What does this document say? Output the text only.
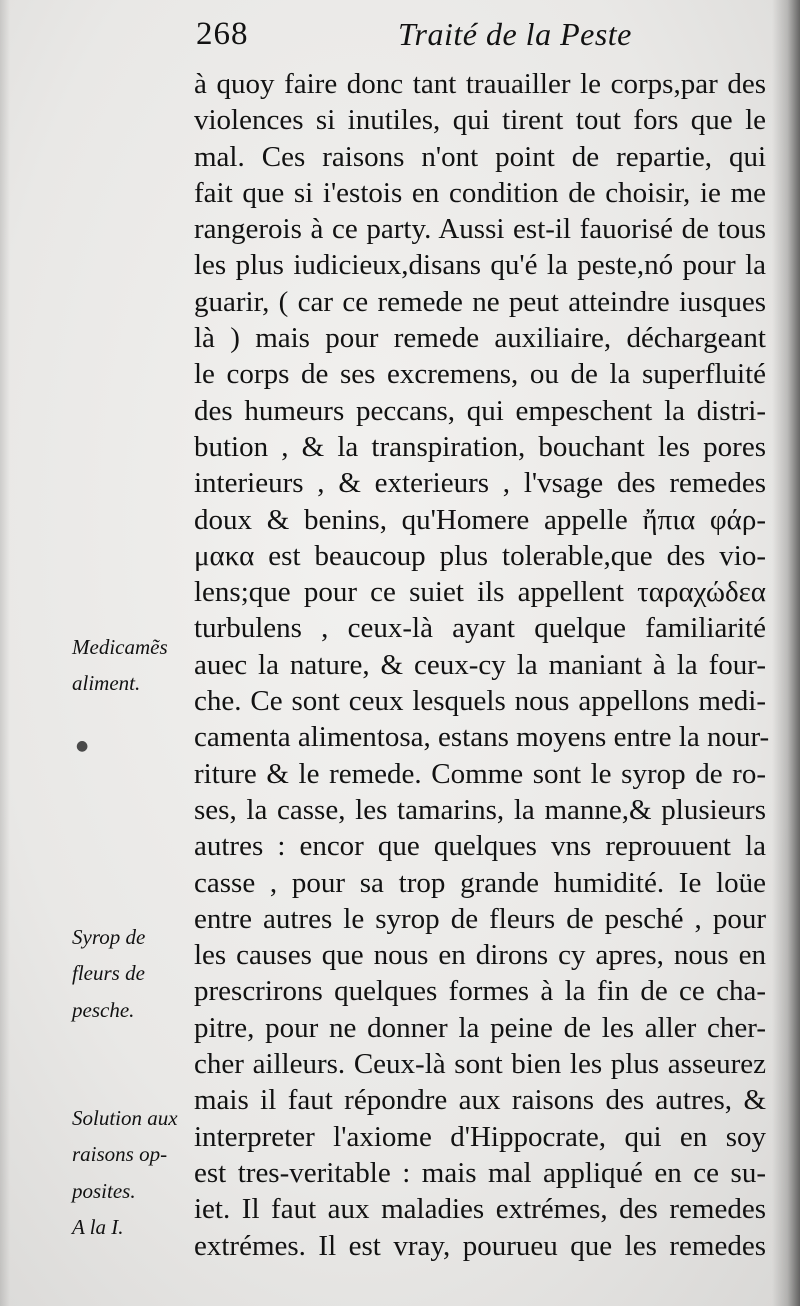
268	Traité de la Peste
à quoy faire donc tant trauailler le corps,par des
violences si inutiles, qui tirent tout fors que le
mal. Ces raisons n'ont point de repartie, qui
fait que si i'estois en condition de choisir, ie me
rangerois à ce party. Aussi est-il fauorisé de tous
les plus iudicieux,disans qu'é la peste,nó pour la
guarir, ( car ce remede ne peut atteindre iusques
là ) mais pour remede auxiliaire, déchargeant
le corps de ses excremens, ou de la superfluité
des humeurs peccans, qui empeschent la distri-
bution , & la transpiration, bouchant les pores
interieurs , & exterieurs , l'vsage des remedes
doux & benins, qu'Homere appelle ἤπια φάρ-
μακα est beaucoup plus tolerable,que des vio-
lens;que pour ce suiet ils appellent ταραχώδεα
turbulens , ceux-là ayant quelque familiarité
auec la nature, & ceux-cy la maniant à la four-
che. Ce sont ceux lesquels nous appellons medi-
camenta alimentosa, estans moyens entre la nour-
riture & le remede. Comme sont le syrop de ro-
ses, la casse, les tamarins, la manne,& plusieurs
autres : encor que quelques vns reprouuent la
casse , pour sa trop grande humidité. Ie loüe
entre autres le syrop de fleurs de pesché , pour
les causes que nous en dirons cy apres, nous en
prescrirons quelques formes à la fin de ce cha-
pitre, pour ne donner la peine de les aller cher-
cher ailleurs. Ceux-là sont bien les plus asseurez
mais il faut répondre aux raisons des autres, &
interpreter l'axiome d'Hippocrate, qui en soy
est tres-veritable : mais mal appliqué en ce su-
iet. Il faut aux maladies extrémes, des remedes
extrémes. Il est vray, pourueu que les remedes
Medicamẽs
aliment.
Syrop de
fleurs de
pesche.
Solution aux
raisons op-
posites.
A la I.
●
